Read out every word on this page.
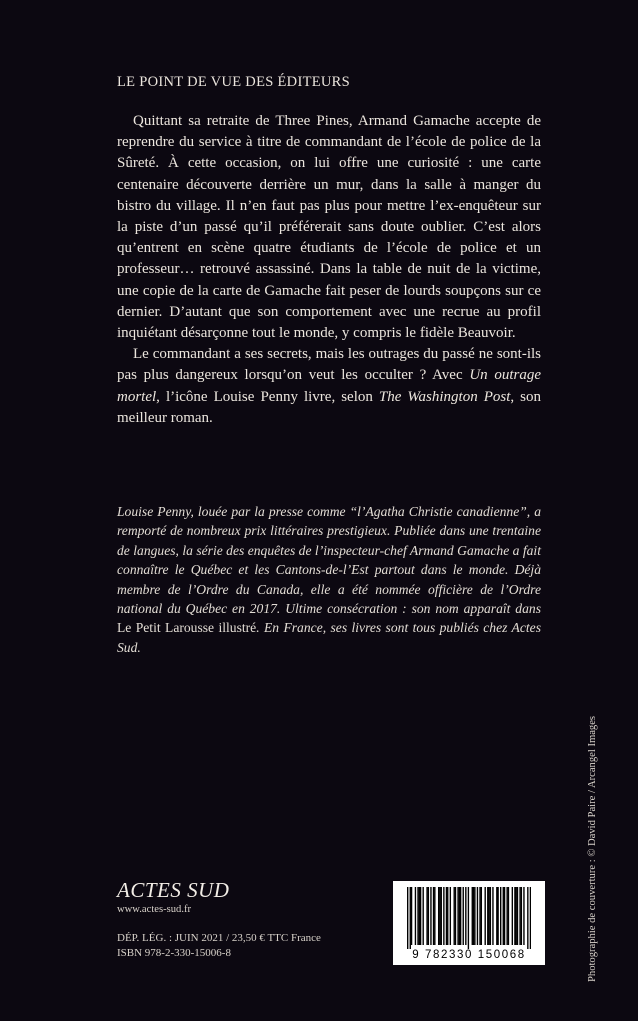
LE POINT DE VUE DES ÉDITEURS

Quittant sa retraite de Three Pines, Armand Gamache accepte de reprendre du service à titre de commandant de l’école de police de la Sûreté. À cette occasion, on lui offre une curiosité : une carte centenaire découverte derrière un mur, dans la salle à manger du bistro du village. Il n’en faut pas plus pour mettre l’ex-enquêteur sur la piste d’un passé qu’il préférerait sans doute oublier. C’est alors qu’entrent en scène quatre étudiants de l’école de police et un professeur… retrouvé assassiné. Dans la table de nuit de la victime, une copie de la carte de Gamache fait peser de lourds soupçons sur ce dernier. D’autant que son comportement avec une recrue au profil inquiétant désarçonne tout le monde, y compris le fidèle Beauvoir.

Le commandant a ses secrets, mais les outrages du passé ne sont-ils pas plus dangereux lorsqu’on veut les occulter ? Avec Un outrage mortel, l’icône Louise Penny livre, selon The Washington Post, son meilleur roman.

Louise Penny, louée par la presse comme “l’Agatha Christie canadienne”, a remporté de nombreux prix littéraires prestigieux. Publiée dans une trentaine de langues, la série des enquêtes de l’inspecteur-chef Armand Gamache a fait connaître le Québec et les Cantons-de-l’Est partout dans le monde. Déjà membre de l’Ordre du Canada, elle a été nommée officière de l’Ordre national du Québec en 2017. Ultime consécration : son nom apparaît dans Le Petit Larousse illustré. En France, ses livres sont tous publiés chez Actes Sud.
Photographie de couverture : © David Paire / Arcangel Images
ACTES SUD
www.actes-sud.fr
DÉP. LÉG. : JUIN 2021 / 23,50 € TTC France
ISBN 978-2-330-15006-8	9 782330 150068
